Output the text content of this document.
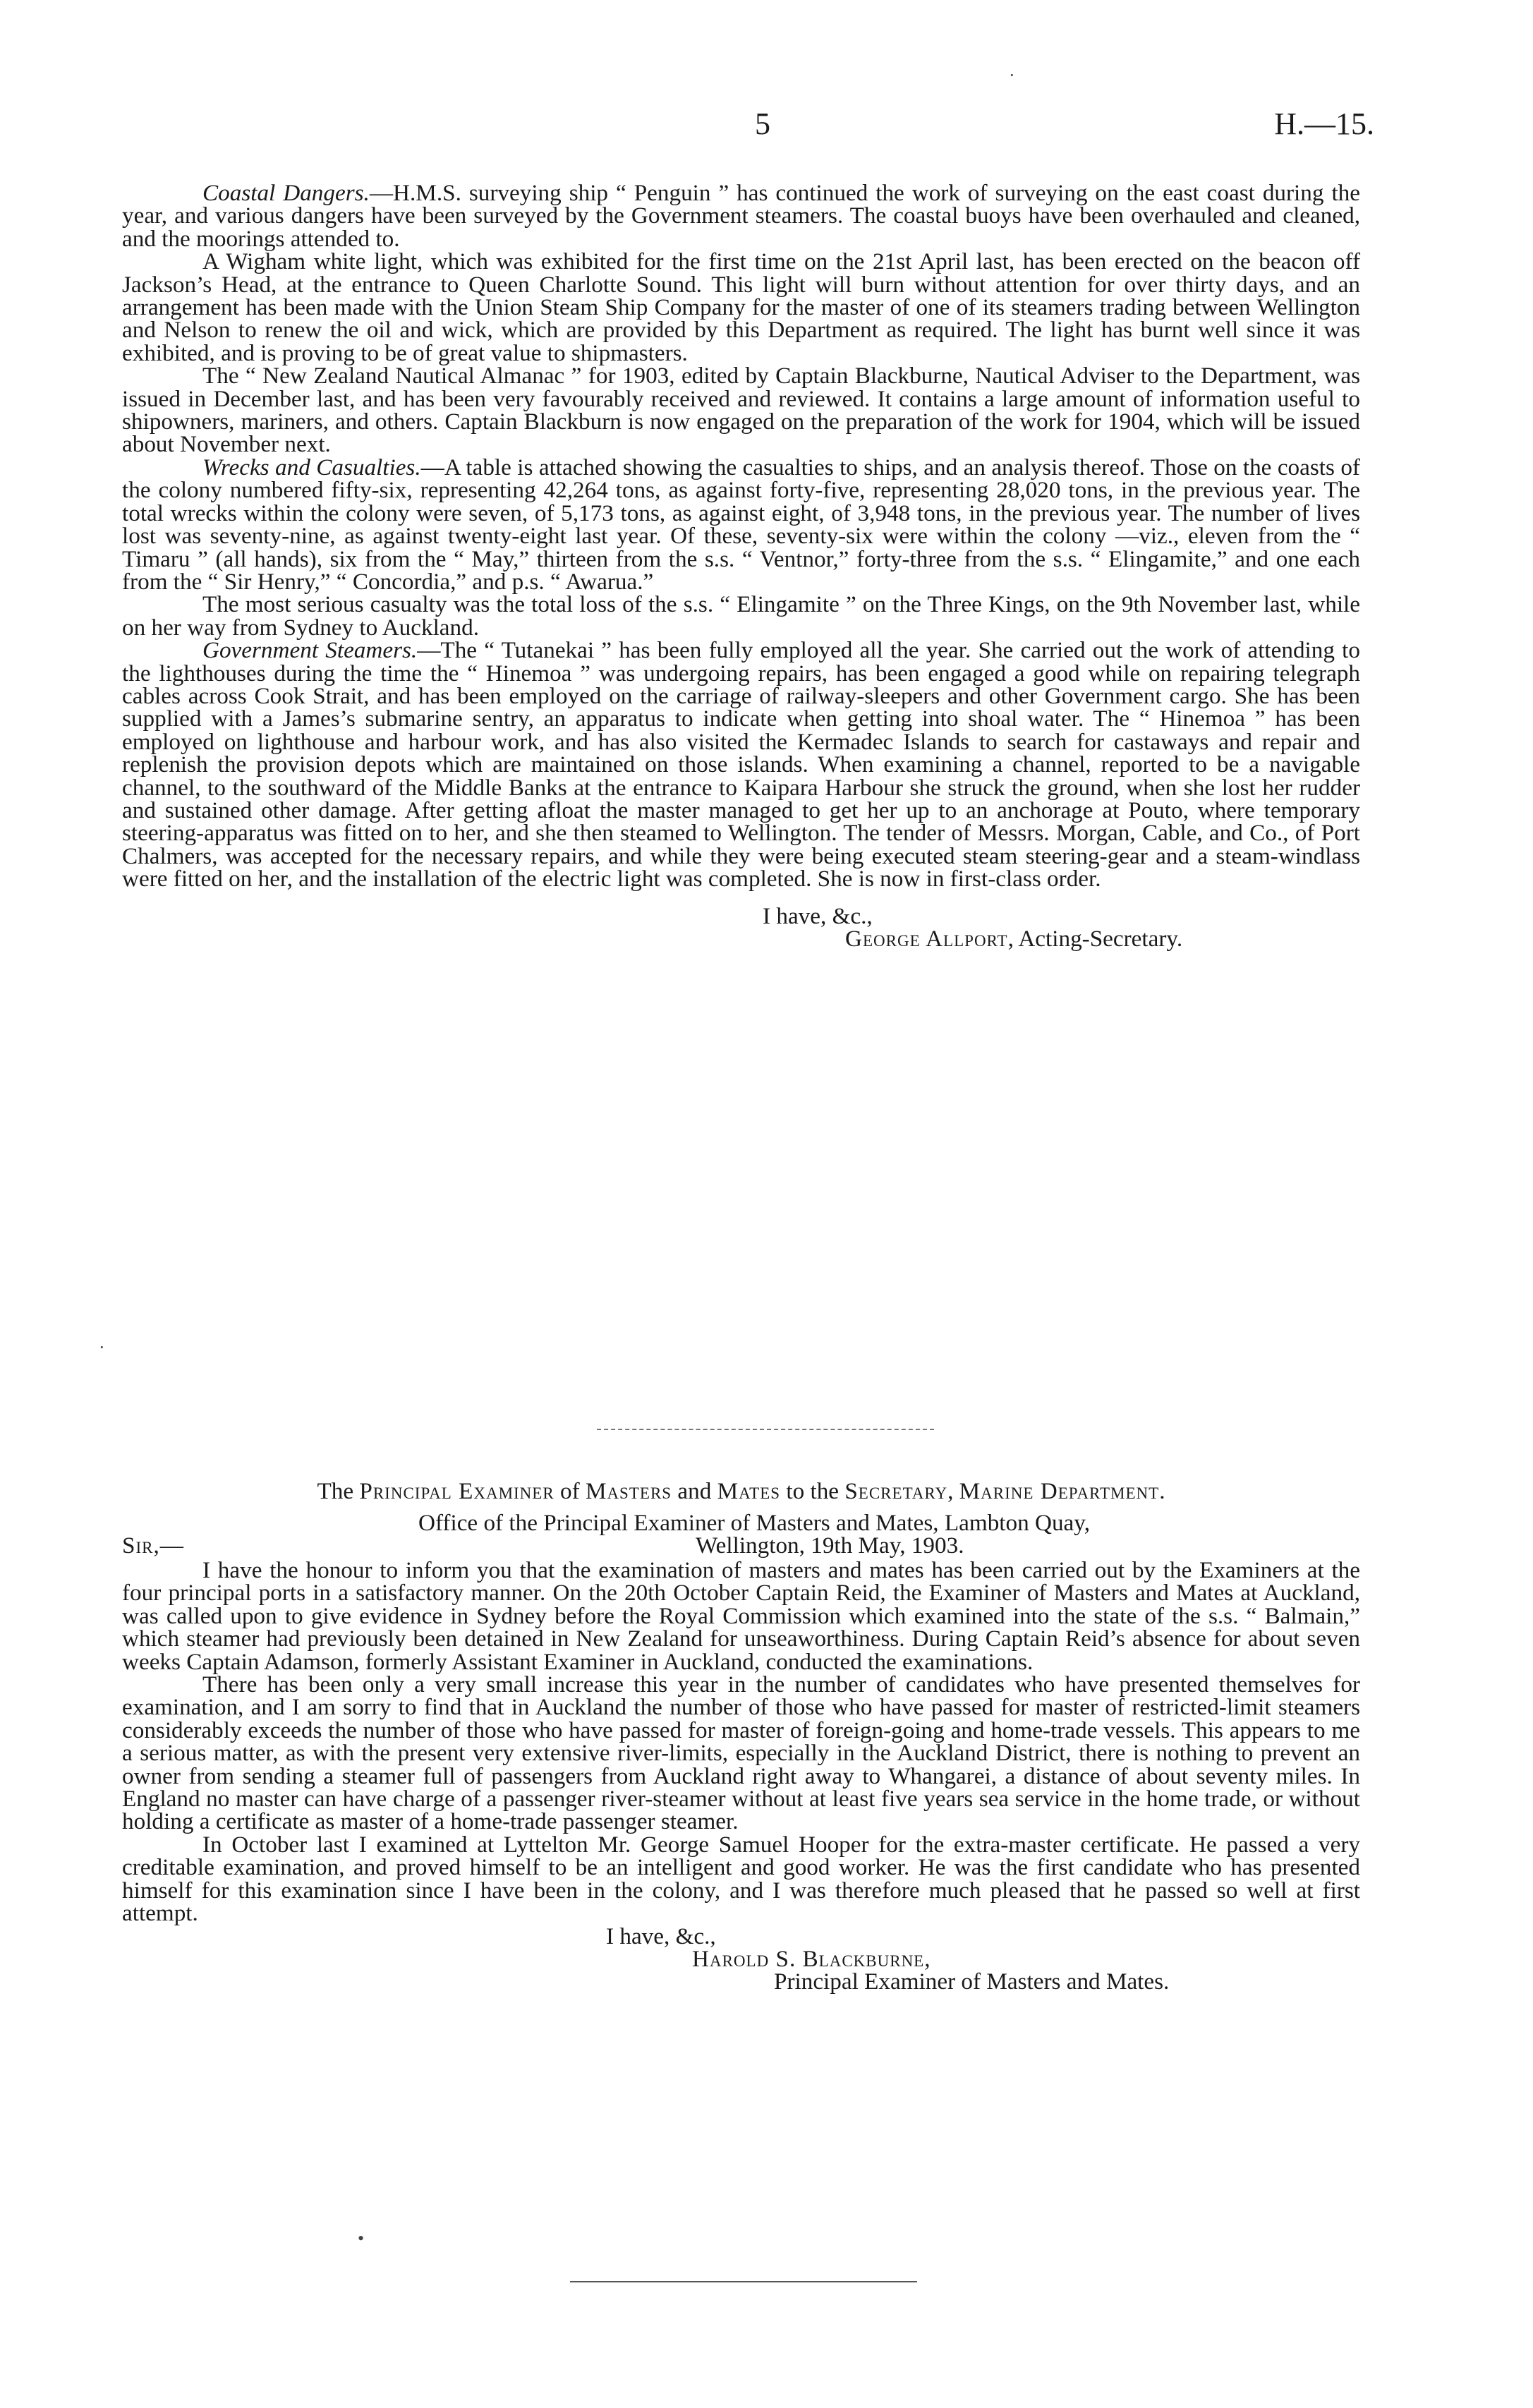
5	H.—15.
·

Coastal Dangers.—H.M.S. surveying ship “ Penguin ” has continued the work of surveying on the east coast during the year, and various dangers have been surveyed by the Government steamers. The coastal buoys have been overhauled and cleaned, and the moorings attended to.

A Wigham white light, which was exhibited for the first time on the 21st April last, has been erected on the beacon off Jackson’s Head, at the entrance to Queen Charlotte Sound. This light will burn without attention for over thirty days, and an arrangement has been made with the Union Steam Ship Company for the master of one of its steamers trading between Wellington and Nelson to renew the oil and wick, which are provided by this Department as required. The light has burnt well since it was exhibited, and is proving to be of great value to shipmasters.

The “ New Zealand Nautical Almanac ” for 1903, edited by Captain Blackburne, Nautical Adviser to the Department, was issued in December last, and has been very favourably received and reviewed. It contains a large amount of information useful to shipowners, mariners, and others. Captain Blackburn is now engaged on the preparation of the work for 1904, which will be issued about November next.

Wrecks and Casualties.—A table is attached showing the casualties to ships, and an analysis thereof. Those on the coasts of the colony numbered fifty-six, representing 42,264 tons, as against forty-five, representing 28,020 tons, in the previous year. The total wrecks within the colony were seven, of 5,173 tons, as against eight, of 3,948 tons, in the previous year. The number of lives lost was seventy-nine, as against twenty-eight last year. Of these, seventy-six were within the colony —viz., eleven from the “ Timaru ” (all hands), six from the “ May,” thirteen from the s.s. “ Ventnor,” forty-three from the s.s. “ Elingamite,” and one each from the “ Sir Henry,” “ Concordia,” and p.s. “ Awarua.”

The most serious casualty was the total loss of the s.s. “ Elingamite ” on the Three Kings, on the 9th November last, while on her way from Sydney to Auckland.

Government Steamers.—The “ Tutanekai ” has been fully employed all the year. She carried out the work of attending to the lighthouses during the time the “ Hinemoa ” was undergoing repairs, has been engaged a good while on repairing telegraph cables across Cook Strait, and has been employed on the carriage of railway-sleepers and other Government cargo. She has been supplied with a James’s submarine sentry, an apparatus to indicate when getting into shoal water. The “ Hinemoa ” has been employed on lighthouse and harbour work, and has also visited the Kermadec Islands to search for castaways and repair and replenish the provision depots which are maintained on those islands. When examining a channel, reported to be a navigable channel, to the southward of the Middle Banks at the entrance to Kaipara Harbour she struck the ground, when she lost her rudder and sustained other damage. After getting afloat the master managed to get her up to an anchorage at Pouto, where temporary steering-apparatus was fitted on to her, and she then steamed to Wellington. The tender of Messrs. Morgan, Cable, and Co., of Port Chalmers, was accepted for the necessary repairs, and while they were being executed steam steering-gear and a steam-windlass were fitted on her, and the installation of the electric light was completed. She is now in first-class order.

I have, &c.,
George Allport, Acting-Secretary.
·
The Principal Examiner of Masters and Mates to the Secretary, Marine Department.
Office of the Principal Examiner of Masters and Mates, Lambton Quay,
Sir,—	Wellington, 19th May, 1903.

I have the honour to inform you that the examination of masters and mates has been carried out by the Examiners at the four principal ports in a satisfactory manner. On the 20th October Captain Reid, the Examiner of Masters and Mates at Auckland, was called upon to give evidence in Sydney before the Royal Commission which examined into the state of the s.s. “ Balmain,” which steamer had previously been detained in New Zealand for unseaworthiness. During Captain Reid’s absence for about seven weeks Captain Adamson, formerly Assistant Examiner in Auckland, conducted the examinations.

There has been only a very small increase this year in the number of candidates who have presented themselves for examination, and I am sorry to find that in Auckland the number of those who have passed for master of restricted-limit steamers considerably exceeds the number of those who have passed for master of foreign-going and home-trade vessels. This appears to me a serious matter, as with the present very extensive river-limits, especially in the Auckland District, there is nothing to prevent an owner from sending a steamer full of passengers from Auckland right away to Whangarei, a distance of about seventy miles. In England no master can have charge of a passenger river-steamer without at least five years sea service in the home trade, or without holding a certificate as master of a home-trade passenger steamer.

In October last I examined at Lyttelton Mr. George Samuel Hooper for the extra-master certificate. He passed a very creditable examination, and proved himself to be an intelligent and good worker. He was the first candidate who has presented himself for this examination since I have been in the colony, and I was therefore much pleased that he passed so well at first attempt.

I have, &c.,
Harold S. Blackburne,
Principal Examiner of Masters and Mates.
•
